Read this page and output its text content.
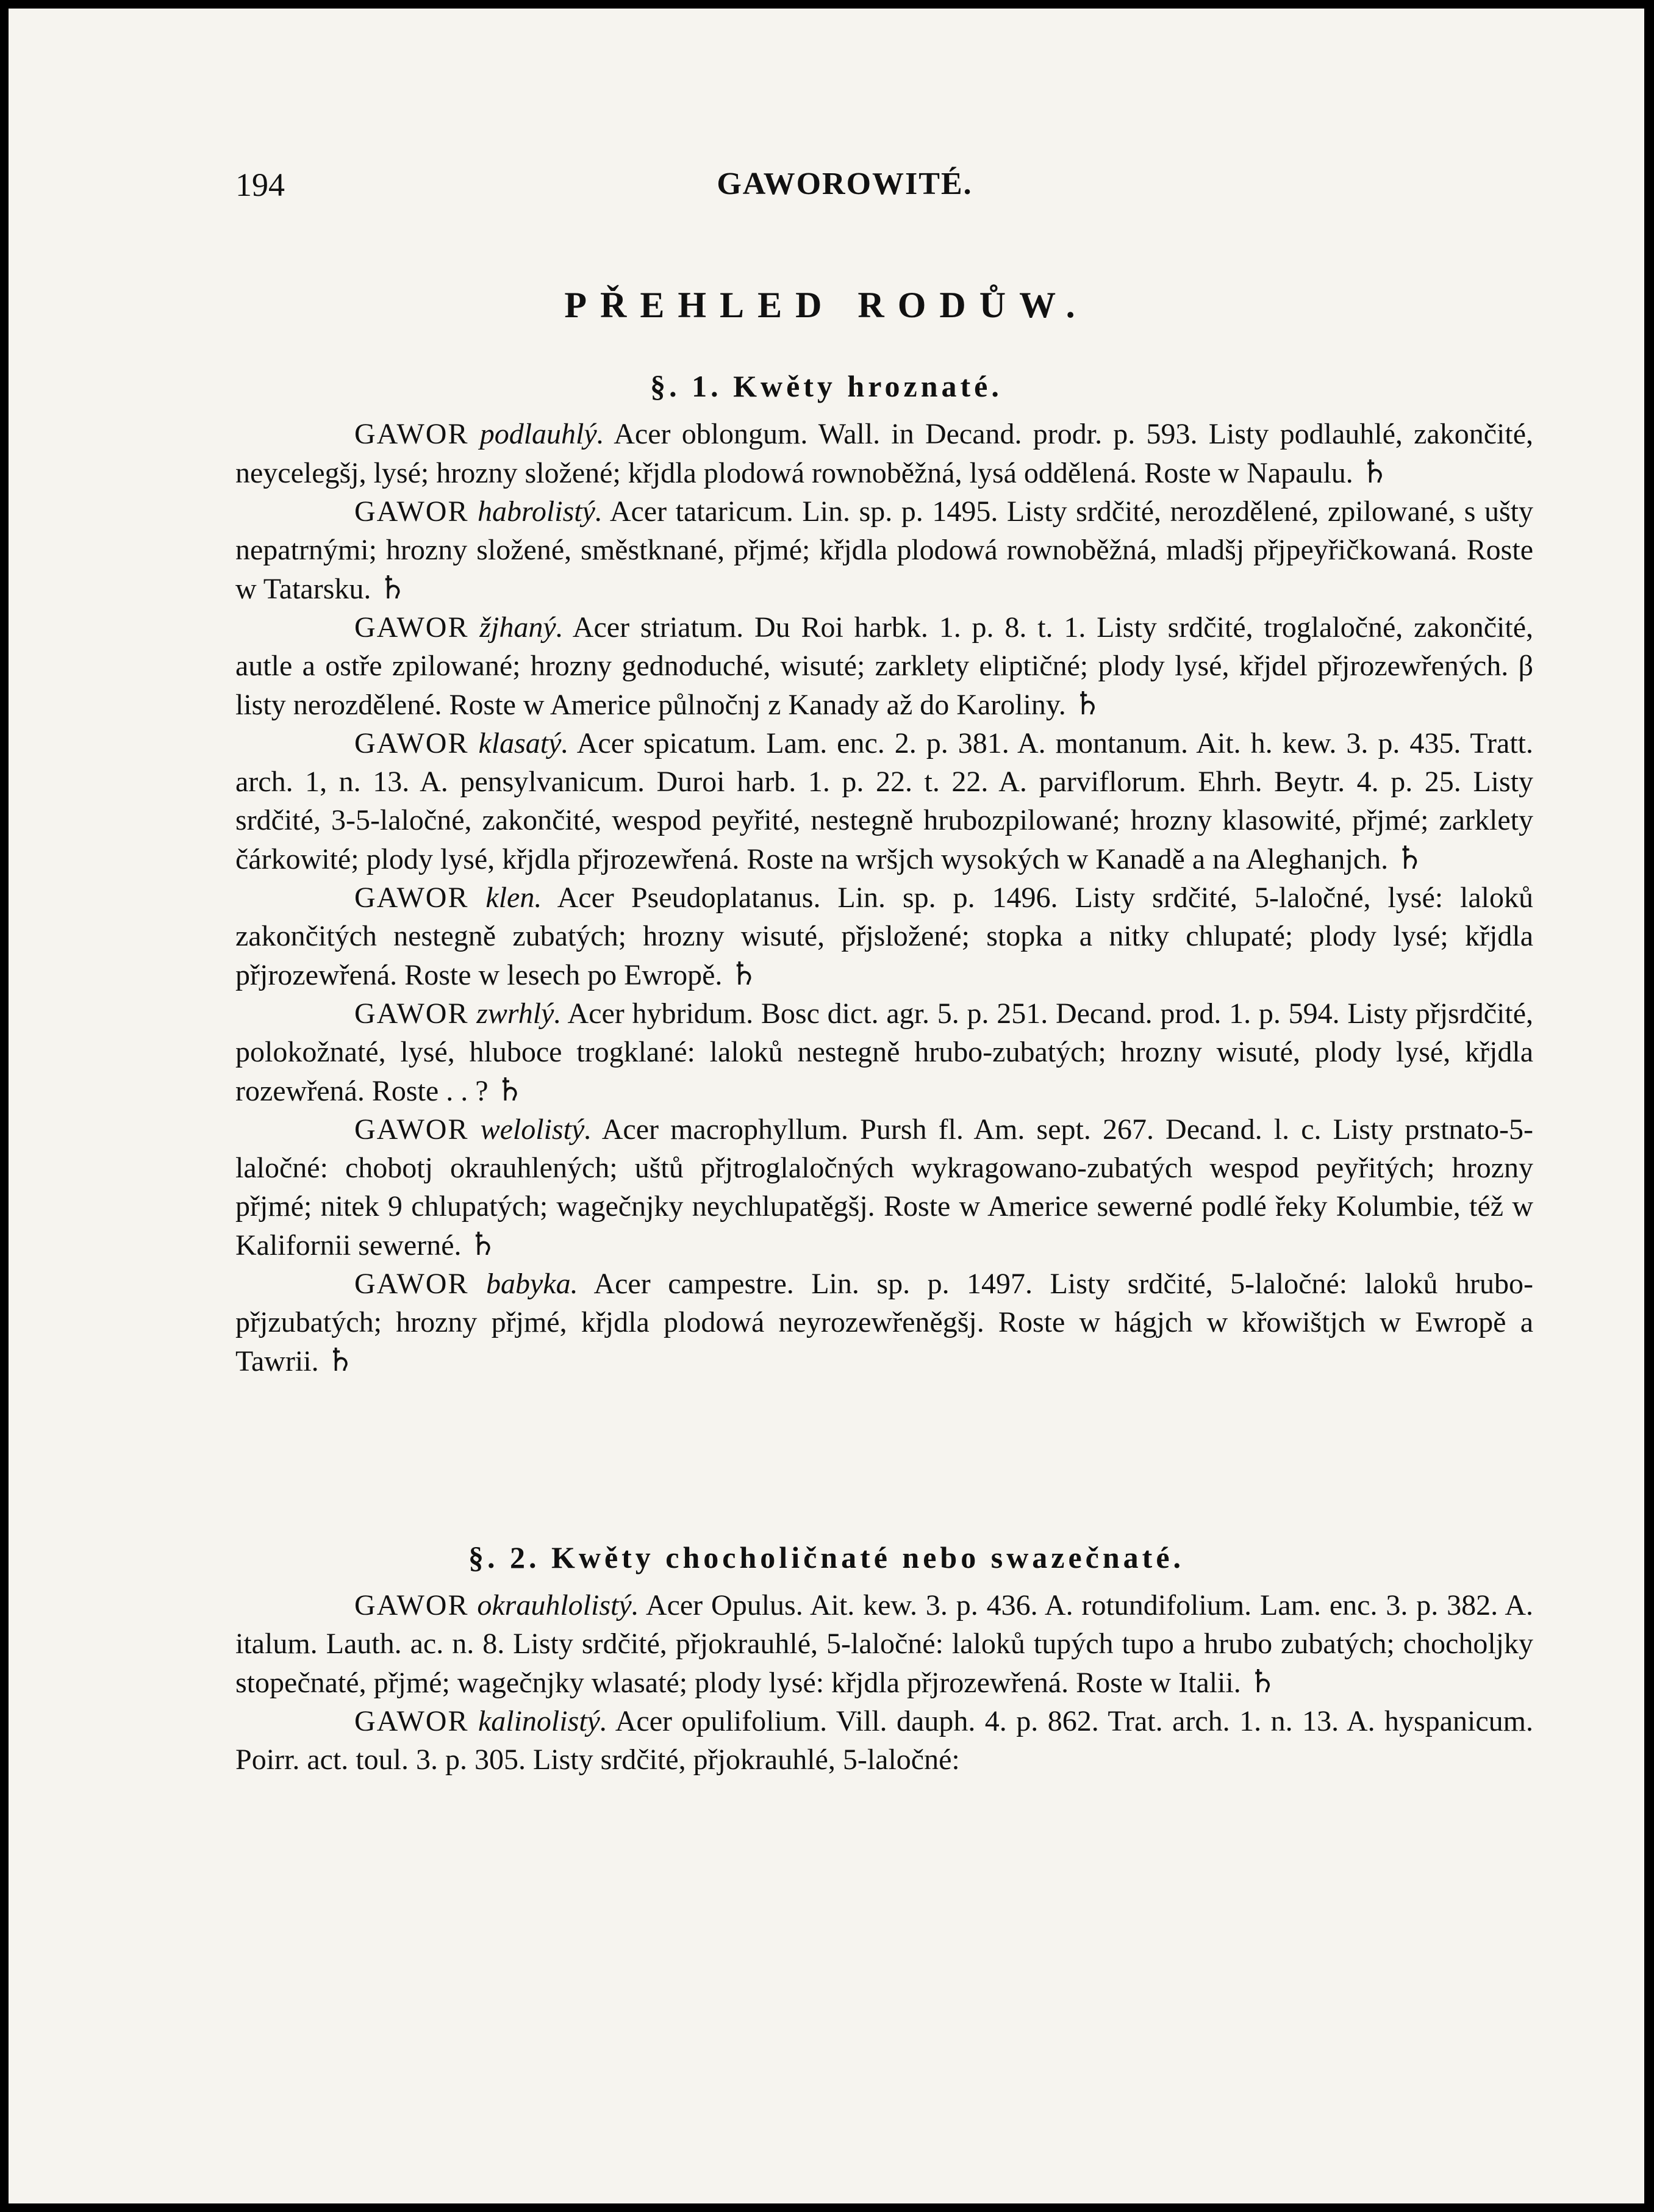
194	GAWOROWITÉ.
PŘEHLED RODŮW.
§. 1. Kwěty hroznaté.

GAWOR podlauhlý. Acer oblongum. Wall. in Decand. prodr. p. 593. Listy podlauhlé, zakončité, neycelegšj, lysé; hrozny složené; křjdla plodowá rownoběžná, lysá oddělená. Roste w Napaulu. ♄

GAWOR habrolistý. Acer tataricum. Lin. sp. p. 1495. Listy srdčité, nerozdělené, zpilowané, s ušty nepatrnými; hrozny složené, směstknané, přjmé; křjdla plodowá rownoběžná, mladšj přjpeyřičkowaná. Roste w Tatarsku. ♄

GAWOR žjhaný. Acer striatum. Du Roi harbk. 1. p. 8. t. 1. Listy srdčité, troglaločné, zakončité, autle a ostře zpilowané; hrozny gednoduché, wisuté; zarklety eliptičné; plody lysé, křjdel přjrozewřených. β listy nerozdělené. Roste w Americe půlnočnj z Kanady až do Karoliny. ♄

GAWOR klasatý. Acer spicatum. Lam. enc. 2. p. 381. A. montanum. Ait. h. kew. 3. p. 435. Tratt. arch. 1, n. 13. A. pensylvanicum. Duroi harb. 1. p. 22. t. 22. A. parviflorum. Ehrh. Beytr. 4. p. 25. Listy srdčité, 3-5-laločné, zakončité, wespod peyřité, nestegně hrubozpilowané; hrozny klasowité, přjmé; zarklety čárkowité; plody lysé, křjdla přjrozewřená. Roste na wršjch wysokých w Kanadě a na Aleghanjch. ♄

GAWOR klen. Acer Pseudoplatanus. Lin. sp. p. 1496. Listy srdčité, 5-laločné, lysé: laloků zakončitých nestegně zubatých; hrozny wisuté, přjsložené; stopka a nitky chlupaté; plody lysé; křjdla přjrozewřená. Roste w lesech po Ewropě. ♄

GAWOR zwrhlý. Acer hybridum. Bosc dict. agr. 5. p. 251. Decand. prod. 1. p. 594. Listy přjsrdčité, polokožnaté, lysé, hluboce trogklané: laloků nestegně hrubo-zubatých; hrozny wisuté, plody lysé, křjdla rozewřená. Roste . . ? ♄

GAWOR welolistý. Acer macrophyllum. Pursh fl. Am. sept. 267. Decand. l. c. Listy prstnato-5-laločné: chobotj okrauhlených; uštů přjtroglaločných wykragowano-zubatých wespod peyřitých; hrozny přjmé; nitek 9 chlupatých; wagečnjky neychlupatěgšj. Roste w Americe sewerné podlé řeky Kolumbie, též w Kalifornii sewerné. ♄

GAWOR babyka. Acer campestre. Lin. sp. p. 1497. Listy srdčité, 5-laločné: laloků hrubo-přjzubatých; hrozny přjmé, křjdla plodowá neyrozewřeněgšj. Roste w hágjch w křowištjch w Ewropě a Tawrii. ♄

§. 2. Kwěty chocholičnaté nebo swazečnaté.

GAWOR okrauhlolistý. Acer Opulus. Ait. kew. 3. p. 436. A. rotundifolium. Lam. enc. 3. p. 382. A. italum. Lauth. ac. n. 8. Listy srdčité, přjokrauhlé, 5-laločné: laloků tupých tupo a hrubo zubatých; chocholjky stopečnaté, přjmé; wagečnjky wlasaté; plody lysé: křjdla přjrozewřená. Roste w Italii. ♄

GAWOR kalinolistý. Acer opulifolium. Vill. dauph. 4. p. 862. Trat. arch. 1. n. 13. A. hyspanicum. Poirr. act. toul. 3. p. 305. Listy srdčité, přjokrauhlé, 5-laločné:
